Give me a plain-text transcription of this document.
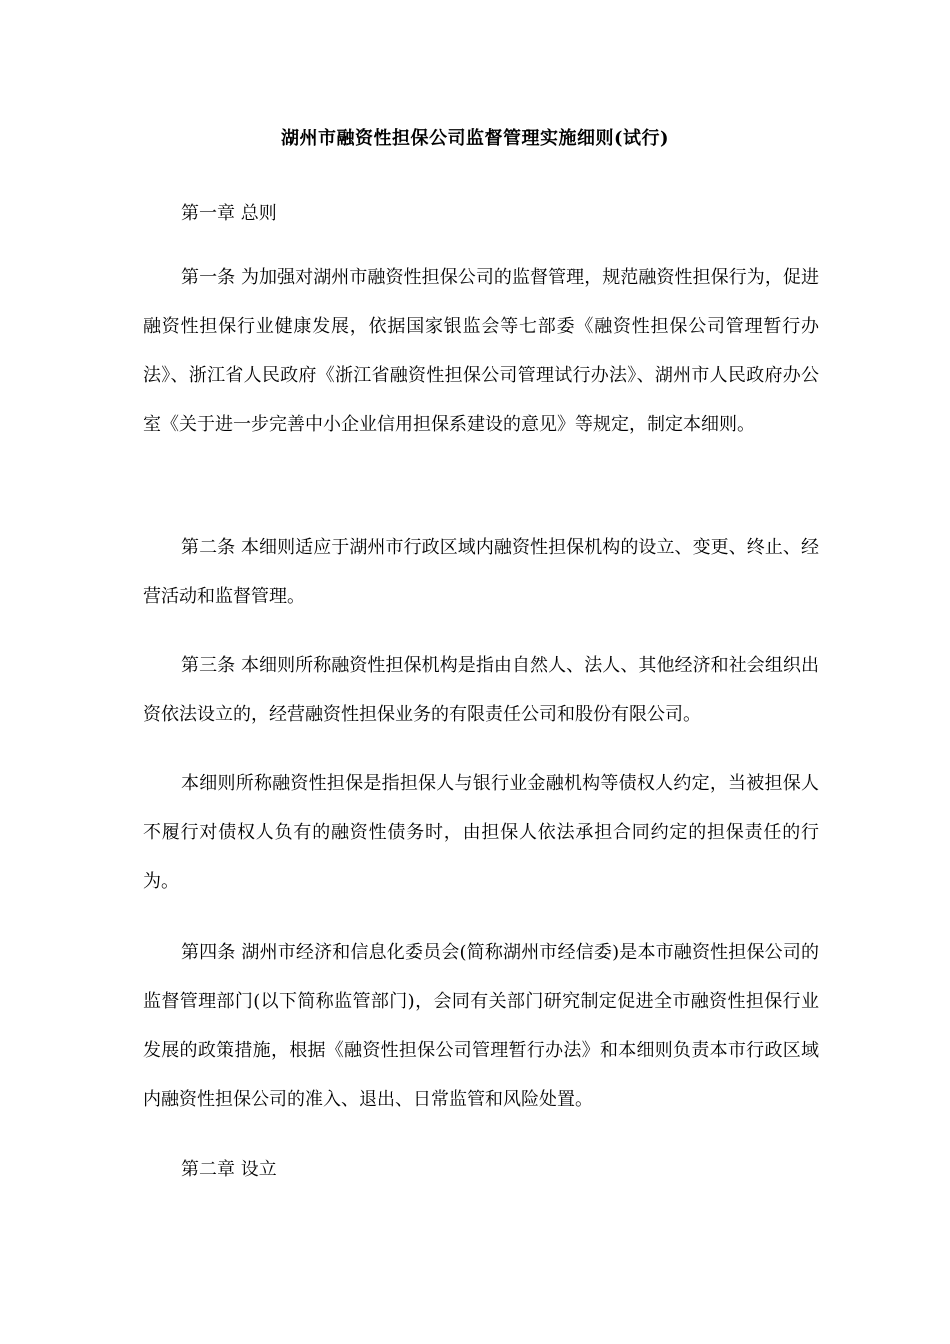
湖州市融资性担保公司监督管理实施细则(试行)

第一章 总则

第一条 为加强对湖州市融资性担保公司的监督管理，规范融资性担保行为，促进融资性担保行业健康发展，依据国家银监会等七部委《融资性担保公司管理暂行办法》、浙江省人民政府《浙江省融资性担保公司管理试行办法》、湖州市人民政府办公室《关于进一步完善中小企业信用担保系建设的意见》等规定，制定本细则。

第二条 本细则适应于湖州市行政区域内融资性担保机构的设立、变更、终止、经营活动和监督管理。

第三条 本细则所称融资性担保机构是指由自然人、法人、其他经济和社会组织出资依法设立的，经营融资性担保业务的有限责任公司和股份有限公司。

本细则所称融资性担保是指担保人与银行业金融机构等债权人约定，当被担保人不履行对债权人负有的融资性债务时，由担保人依法承担合同约定的担保责任的行为。

第四条 湖州市经济和信息化委员会(简称湖州市经信委)是本市融资性担保公司的监督管理部门(以下简称监管部门)，会同有关部门研究制定促进全市融资性担保行业发展的政策措施，根据《融资性担保公司管理暂行办法》和本细则负责本市行政区域内融资性担保公司的准入、退出、日常监管和风险处置。

第二章 设立
